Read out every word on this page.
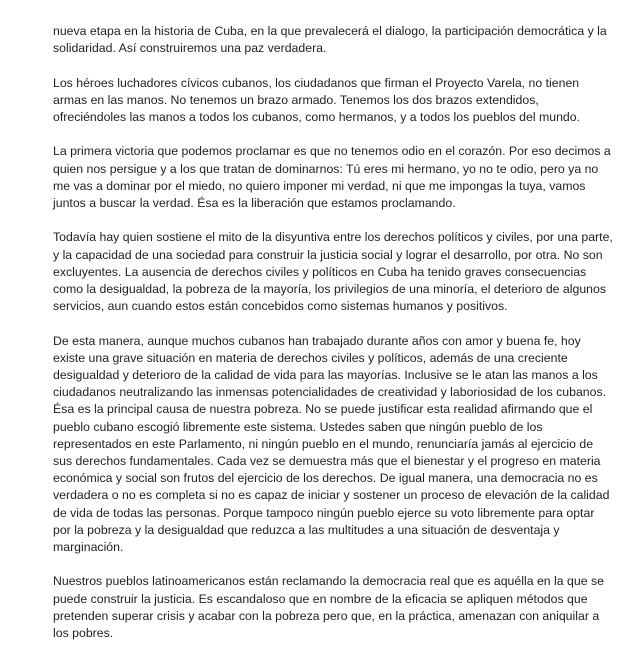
nueva etapa en la historia de Cuba, en la que prevalecerá el dialogo, la participación democrática y la solidaridad. Así construiremos una paz verdadera.

Los héroes luchadores cívicos cubanos, los ciudadanos que firman el Proyecto Varela, no tienen armas en las manos. No tenemos un brazo armado. Tenemos los dos brazos extendidos, ofreciéndoles las manos a todos los cubanos, como hermanos, y a todos los pueblos del mundo.

La primera victoria que podemos proclamar es que no tenemos odio en el corazón. Por eso decimos a quien nos persigue y a los que tratan de dominarnos: Tú eres mi hermano, yo no te odio, pero ya no me vas a dominar por el miedo, no quiero imponer mi verdad, ni que me impongas la tuya, vamos juntos a buscar la verdad. Ésa es la liberación que estamos proclamando.

Todavía hay quien sostiene el mito de la disyuntiva entre los derechos políticos y civiles, por una parte, y la capacidad de una sociedad para construir la justicia social y lograr el desarrollo, por otra. No son excluyentes. La ausencia de derechos civiles y políticos en Cuba ha tenido graves consecuencias como la desigualdad, la pobreza de la mayoría, los privilegios de una minoría, el deterioro de algunos servicios, aun cuando estos están concebidos como sistemas humanos y positivos.

De esta manera, aunque muchos cubanos han trabajado durante años con amor y buena fe, hoy existe una grave situación en materia de derechos civiles y políticos, además de una creciente desigualdad y deterioro de la calidad de vida para las mayorías. Inclusive se le atan las manos a los ciudadanos neutralizando las inmensas potencialidades de creatividad y laboriosidad de los cubanos. Ésa es la principal causa de nuestra pobreza. No se puede justificar esta realidad afirmando que el pueblo cubano escogió libremente este sistema. Ustedes saben que ningún pueblo de los representados en este Parlamento, ni ningún pueblo en el mundo, renunciaría jamás al ejercicio de sus derechos fundamentales. Cada vez se demuestra más que el bienestar y el progreso en materia económica y social son frutos del ejercicio de los derechos. De igual manera, una democracia no es verdadera o no es completa si no es capaz de iniciar y sostener un proceso de elevación de la calidad de vida de todas las personas. Porque tampoco ningún pueblo ejerce su voto libremente para optar por la pobreza y la desigualdad que reduzca a las multitudes a una situación de desventaja y marginación.

Nuestros pueblos latinoamericanos están reclamando la democracia real que es aquélla en la que se puede construir la justicia. Es escandaloso que en nombre de la eficacia se apliquen métodos que pretenden superar crisis y acabar con la pobreza pero que, en la práctica, amenazan con aniquilar a los pobres.
